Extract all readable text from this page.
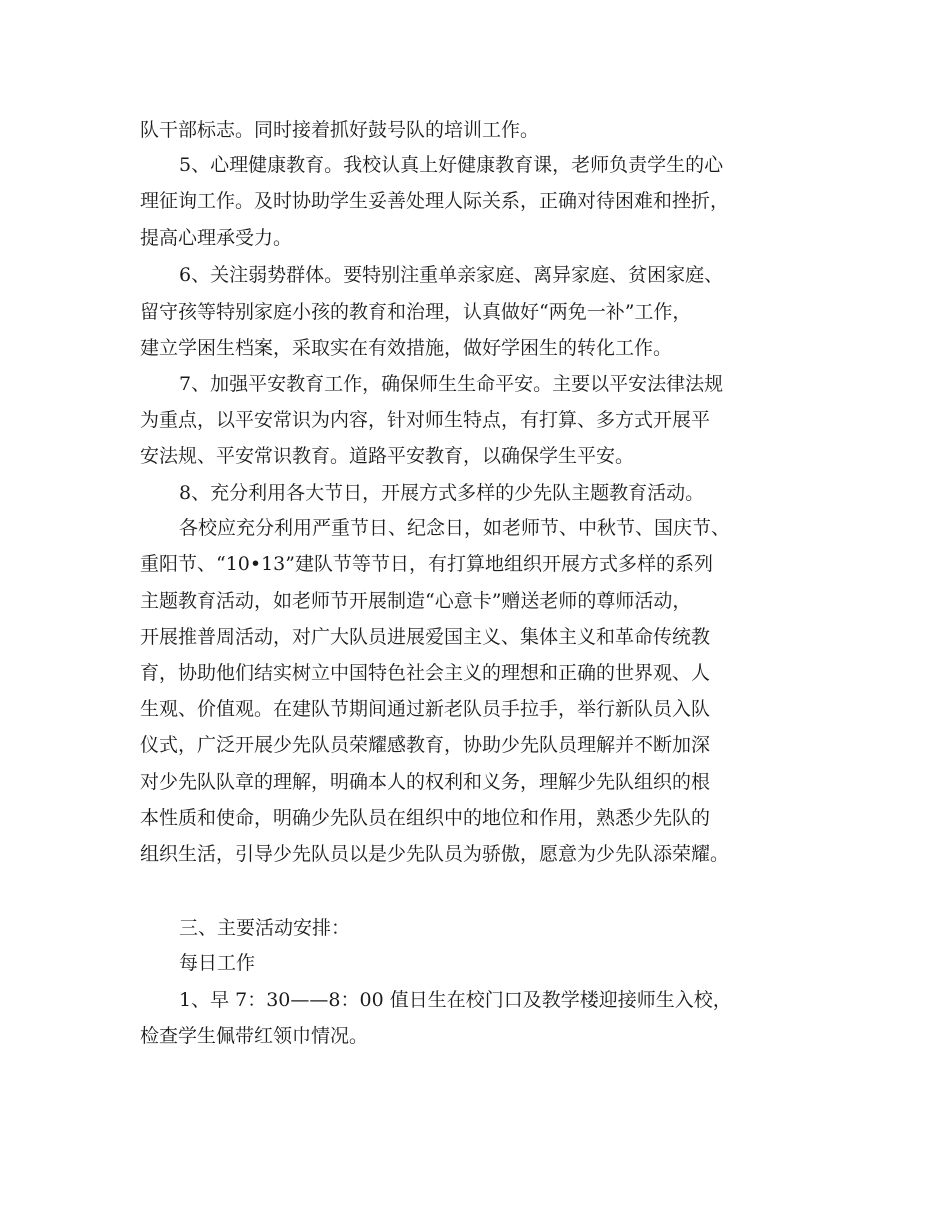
队干部标志。同时接着抓好鼓号队的培训工作。
5、心理健康教育。我校认真上好健康教育课，老师负责学生的心
理征询工作。及时协助学生妥善处理人际关系，正确对待困难和挫折，
提高心理承受力。
6、关注弱势群体。要特别注重单亲家庭、离异家庭、贫困家庭、
留守孩等特别家庭小孩的教育和治理，认真做好“两免一补”工作，
建立学困生档案，采取实在有效措施，做好学困生的转化工作。
7、加强平安教育工作，确保师生生命平安。主要以平安法律法规
为重点，以平安常识为内容，针对师生特点，有打算、多方式开展平
安法规、平安常识教育。道路平安教育，以确保学生平安。
8、充分利用各大节日，开展方式多样的少先队主题教育活动。
各校应充分利用严重节日、纪念日，如老师节、中秋节、国庆节、
重阳节、“10•13”建队节等节日，有打算地组织开展方式多样的系列
主题教育活动，如老师节开展制造“心意卡”赠送老师的尊师活动，
开展推普周活动，对广大队员进展爱国主义、集体主义和革命传统教
育，协助他们结实树立中国特色社会主义的理想和正确的世界观、人
生观、价值观。在建队节期间通过新老队员手拉手，举行新队员入队
仪式，广泛开展少先队员荣耀感教育，协助少先队员理解并不断加深
对少先队队章的理解，明确本人的权利和义务，理解少先队组织的根
本性质和使命，明确少先队员在组织中的地位和作用，熟悉少先队的
组织生活，引导少先队员以是少先队员为骄傲，愿意为少先队添荣耀。
三、主要活动安排：
每日工作
1、早 7：30——8：00 值日生在校门口及教学楼迎接师生入校，
检查学生佩带红领巾情况。
